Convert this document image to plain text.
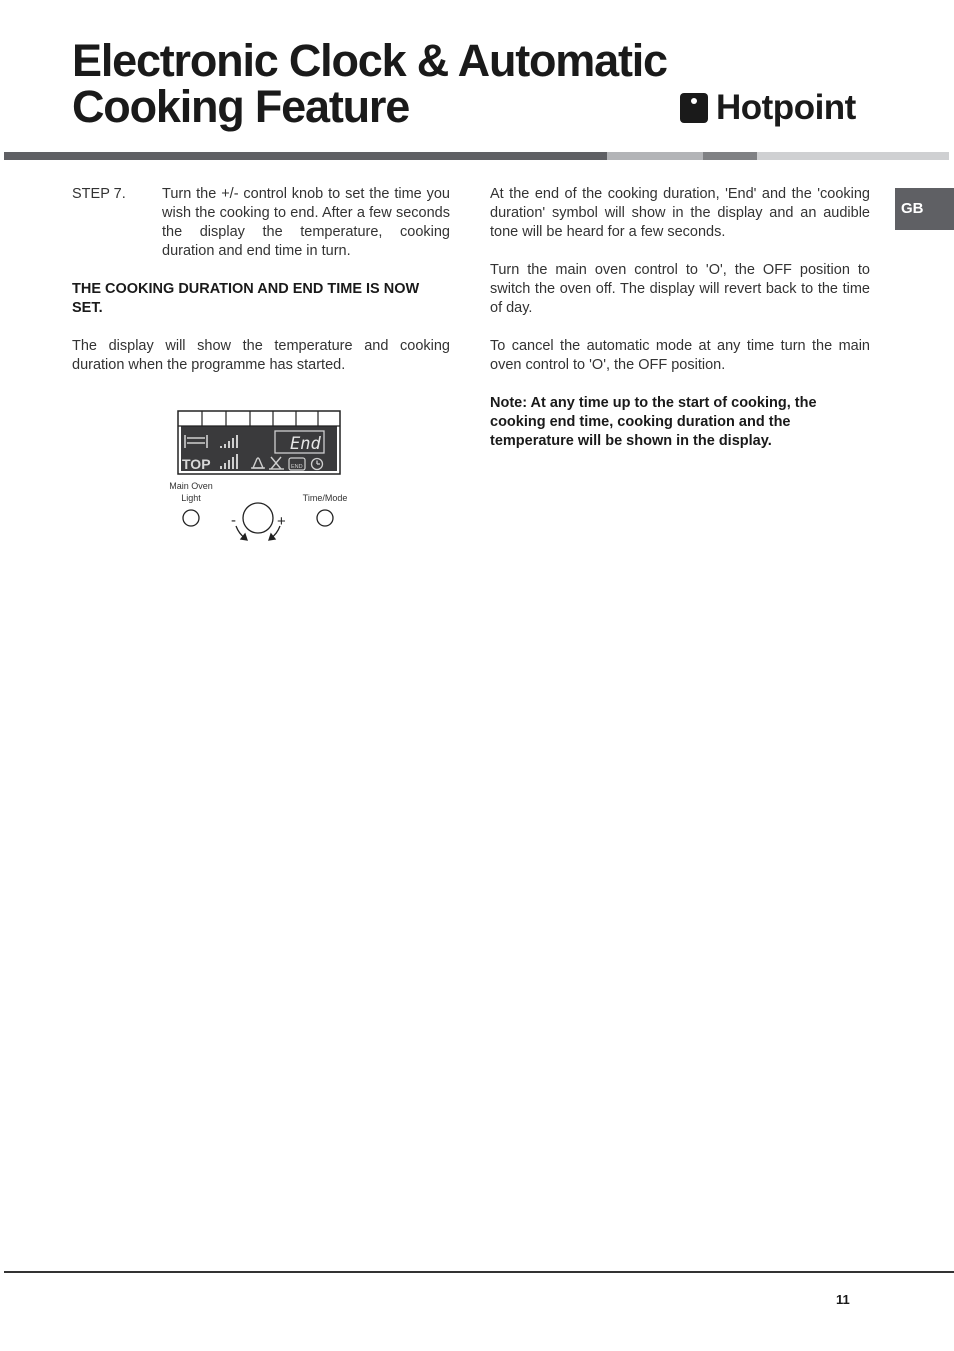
Electronic Clock & Automatic
Cooking Feature	Hotpoint
GB
STEP 7.	Turn the +/- control knob to set the time you wish the cooking to end. After a few seconds the display the temperature, cooking duration and end time in turn.

THE COOKING DURATION AND END TIME IS NOW SET.

The display will show the temperature and cooking duration when the programme has started.

At the end of the cooking duration, 'End' and the 'cooking duration' symbol will show in the display and an audible tone will be heard for a few seconds.

Turn the main oven control to 'O', the OFF position to switch the oven off. The display will revert back to the time of day.

To cancel the automatic mode at any time turn the main oven control to 'O', the OFF position.

Note: At any time up to the start of cooking, the cooking end time, cooking duration and the temperature will be shown in the display.

TOP
End
END
-	+
Main Oven Light	Time/Mode
11
